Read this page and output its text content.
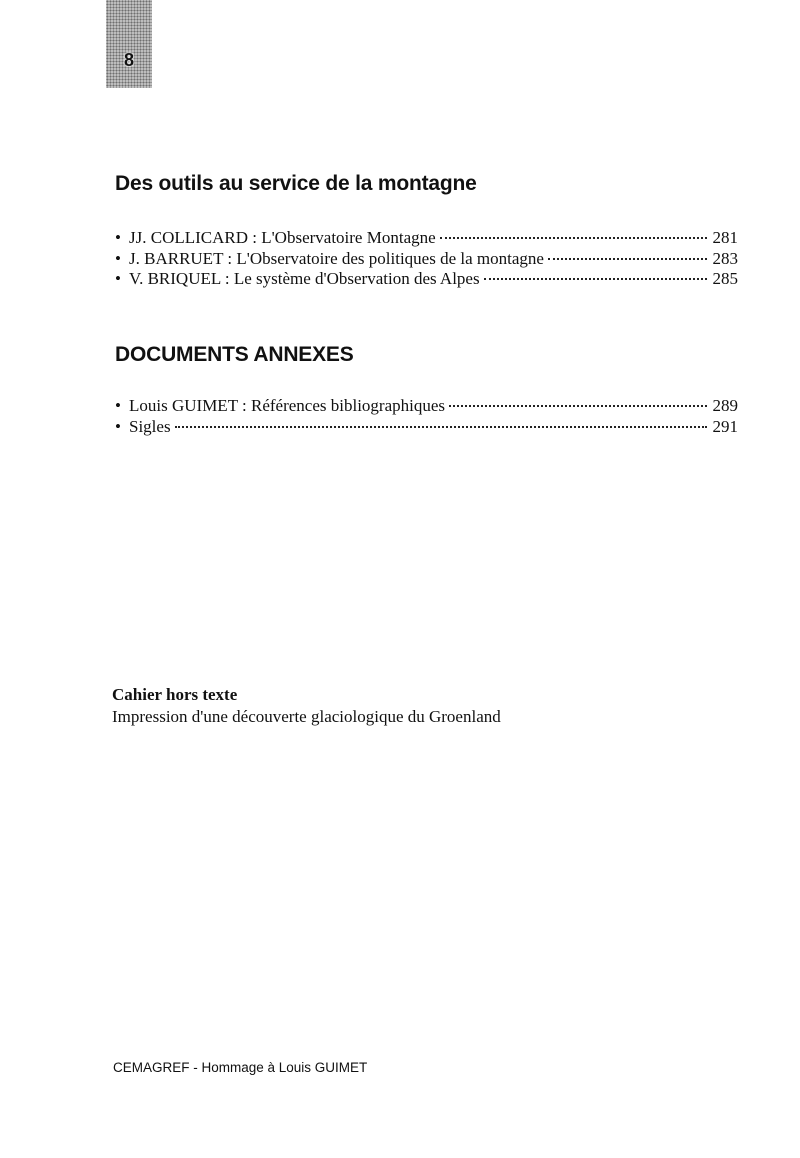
8
Des outils au service de la montagne
• JJ. COLLICARD : L'Observatoire Montagne	281
• J. BARRUET : L'Observatoire des politiques de la montagne	283
• V. BRIQUEL : Le système d'Observation des Alpes	285
DOCUMENTS ANNEXES
• Louis GUIMET : Références bibliographiques	289
• Sigles	291
Cahier hors texte
Impression d'une découverte glaciologique du Groenland
CEMAGREF - Hommage à Louis GUIMET
